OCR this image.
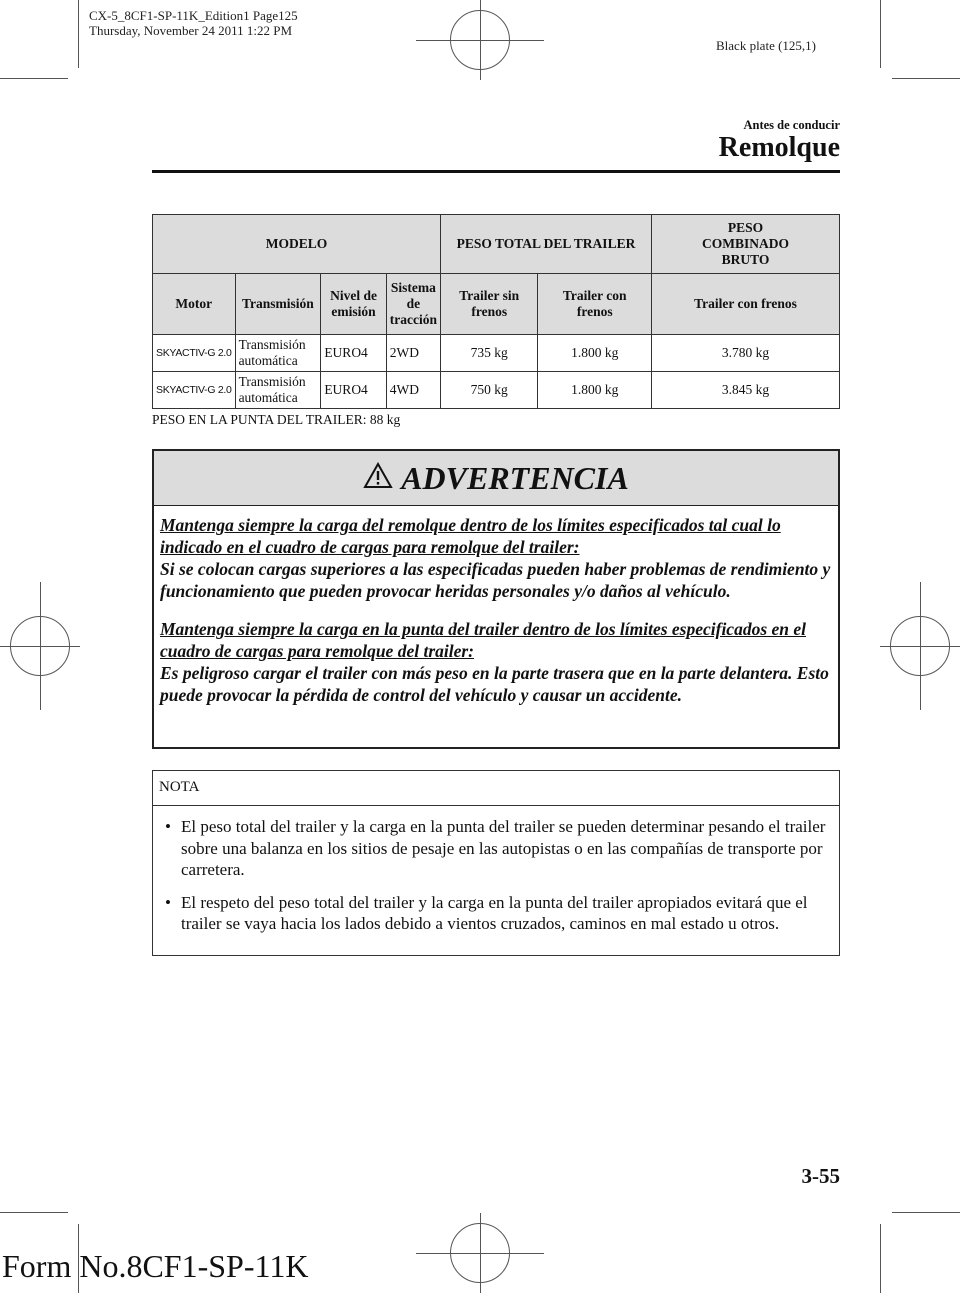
CX-5_8CF1-SP-11K_Edition1 Page125
Thursday, November 24 2011 1:22 PM
Black plate (125,1)
Antes de conducir
Remolque
MODELO				PESO TOTAL DEL TRAILER		PESO COMBINADO BRUTO
Motor	Transmisión	Nivel de emisión	Sistema de tracción	Trailer sin frenos	Trailer con frenos	Trailer con frenos
SKYACTIV-G 2.0	Transmisión automática	EURO4	2WD	735 kg	1.800 kg	3.780 kg
SKYACTIV-G 2.0	Transmisión automática	EURO4	4WD	750 kg	1.800 kg	3.845 kg
PESO EN LA PUNTA DEL TRAILER: 88 kg
ADVERTENCIA

Mantenga siempre la carga del remolque dentro de los límites especificados tal cual lo indicado en el cuadro de cargas para remolque del trailer:

Si se colocan cargas superiores a las especificadas pueden haber problemas de rendimiento y funcionamiento que pueden provocar heridas personales y/o daños al vehículo.

Mantenga siempre la carga en la punta del trailer dentro de los límites especificados en el cuadro de cargas para remolque del trailer:

Es peligroso cargar el trailer con más peso en la parte trasera que en la parte delantera. Esto puede provocar la pérdida de control del vehículo y causar un accidente.

NOTA
• El peso total del trailer y la carga en la punta del trailer se pueden determinar pesando el trailer sobre una balanza en los sitios de pesaje en las autopistas o en las compañías de transporte por carretera.
• El respeto del peso total del trailer y la carga en la punta del trailer apropiados evitará que el trailer se vaya hacia los lados debido a vientos cruzados, caminos en mal estado u otros.
3-55
Form No.8CF1-SP-11K
